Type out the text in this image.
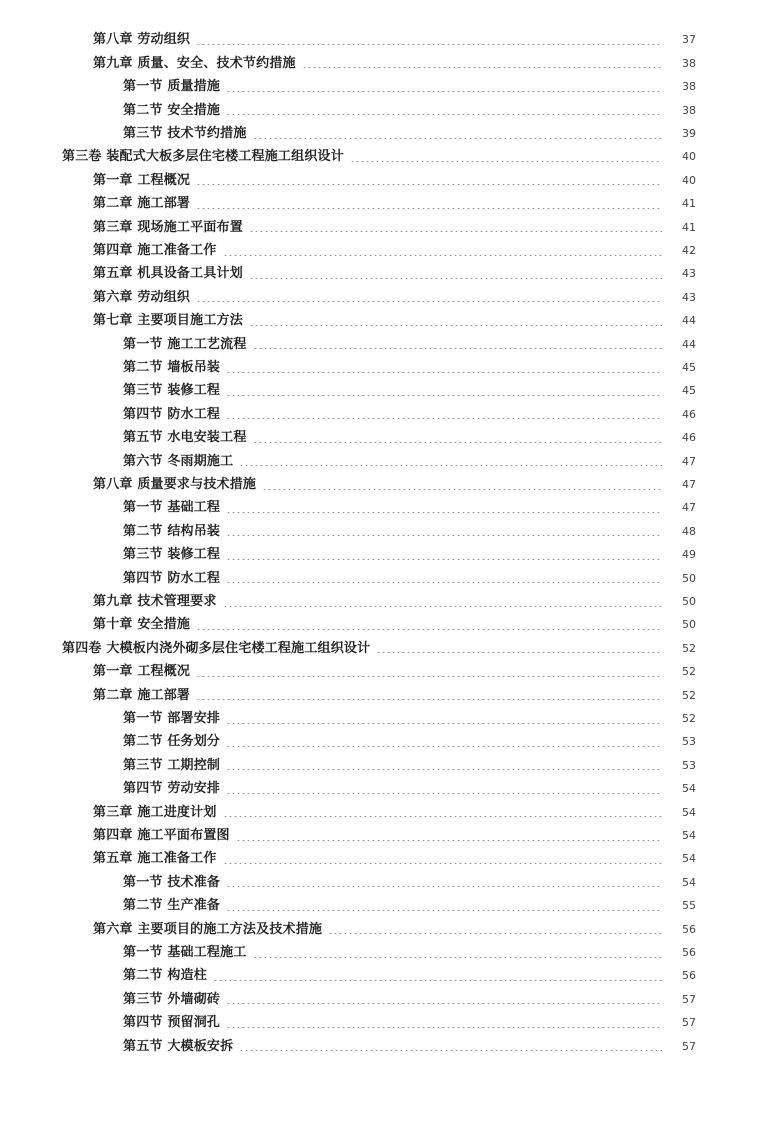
第八章 劳动组织	37
第九章 质量、安全、技术节约措施	38
第一节 质量措施	38
第二节 安全措施	38
第三节 技术节约措施	39
第三卷 装配式大板多层住宅楼工程施工组织设计	40
第一章 工程概况	40
第二章 施工部署	41
第三章 现场施工平面布置	41
第四章 施工准备工作	42
第五章 机具设备工具计划	43
第六章 劳动组织	43
第七章 主要项目施工方法	44
第一节 施工工艺流程	44
第二节 墙板吊装	45
第三节 装修工程	45
第四节 防水工程	46
第五节 水电安装工程	46
第六节 冬雨期施工	47
第八章 质量要求与技术措施	47
第一节 基础工程	47
第二节 结构吊装	48
第三节 装修工程	49
第四节 防水工程	50
第九章 技术管理要求	50
第十章 安全措施	50
第四卷 大模板内浇外砌多层住宅楼工程施工组织设计	52
第一章 工程概况	52
第二章 施工部署	52
第一节 部署安排	52
第二节 任务划分	53
第三节 工期控制	53
第四节 劳动安排	54
第三章 施工进度计划	54
第四章 施工平面布置图	54
第五章 施工准备工作	54
第一节 技术准备	54
第二节 生产准备	55
第六章 主要项目的施工方法及技术措施	56
第一节 基础工程施工	56
第二节 构造柱	56
第三节 外墙砌砖	57
第四节 预留洞孔	57
第五节 大模板安拆	57
